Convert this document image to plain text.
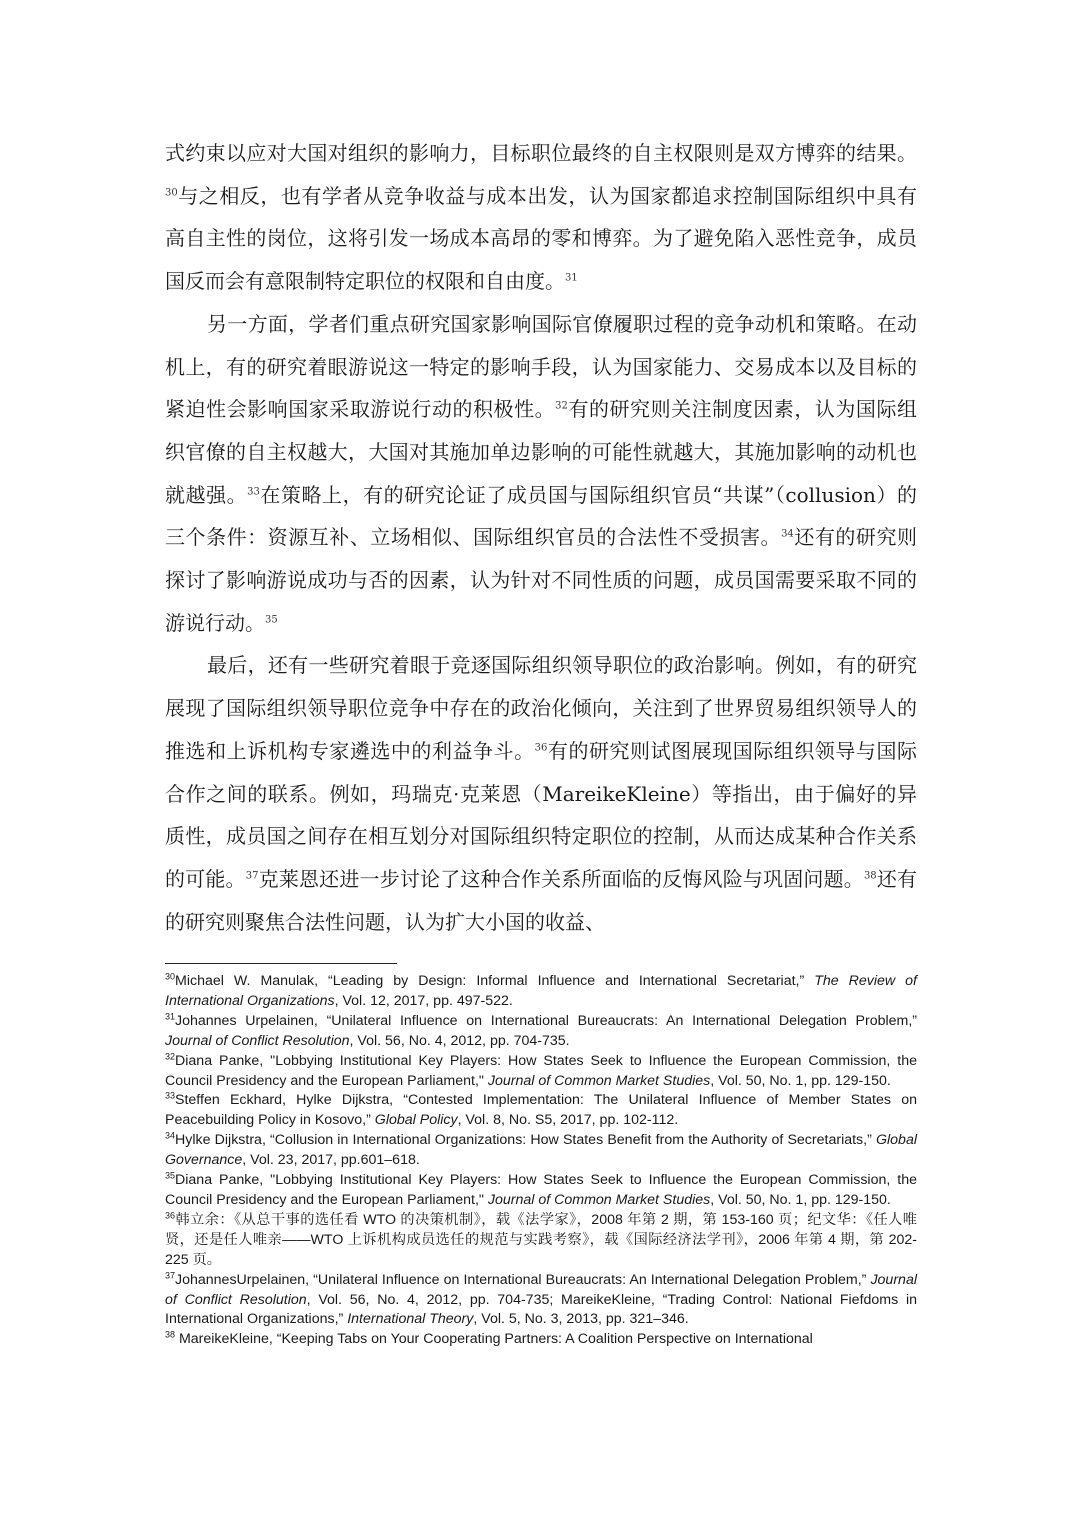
式约束以应对大国对组织的影响力，目标职位最终的自主权限则是双方博弈的结果。$^{30}$与之相反，也有学者从竞争收益与成本出发，认为国家都追求控制国际组织中具有高自主性的岗位，这将引发一场成本高昂的零和博弈。为了避免陷入恶性竞争，成员国反而会有意限制特定职位的权限和自由度。$^{31}$

另一方面，学者们重点研究国家影响国际官僚履职过程的竞争动机和策略。在动机上，有的研究着眼游说这一特定的影响手段，认为国家能力、交易成本以及目标的紧迫性会影响国家采取游说行动的积极性。$^{32}$有的研究则关注制度因素，认为国际组织官僚的自主权越大，大国对其施加单边影响的可能性就越大，其施加影响的动机也就越强。$^{33}$在策略上，有的研究论证了成员国与国际组织官员“共谋”（collusion）的三个条件：资源互补、立场相似、国际组织官员的合法性不受损害。$^{34}$还有的研究则探讨了影响游说成功与否的因素，认为针对不同性质的问题，成员国需要采取不同的游说行动。$^{35}$

最后，还有一些研究着眼于竞逐国际组织领导职位的政治影响。例如，有的研究展现了国际组织领导职位竞争中存在的政治化倾向，关注到了世界贸易组织领导人的推选和上诉机构专家遴选中的利益争斗。$^{36}$有的研究则试图展现国际组织领导与国际合作之间的联系。例如，玛瑞克·克莱恩（MareikeKleine）等指出，由于偏好的异质性，成员国之间存在相互划分对国际组织特定职位的控制，从而达成某种合作关系的可能。$^{37}$克莱恩还进一步讨论了这种合作关系所面临的反悔风险与巩固问题。$^{38}$还有的研究则聚焦合法性问题，认为扩大小国的收益、

$^{30}$Michael W. Manulak, “Leading by Design: Informal Influence and International Secretariat,” The Review of International Organizations, Vol. 12, 2017, pp. 497-522.

$^{31}$Johannes Urpelainen, “Unilateral Influence on International Bureaucrats: An International Delegation Problem,” Journal of Conflict Resolution, Vol. 56, No. 4, 2012, pp. 704-735.

$^{32}$Diana Panke, "Lobbying Institutional Key Players: How States Seek to Influence the European Commission, the Council Presidency and the European Parliament," Journal of Common Market Studies, Vol. 50, No. 1, pp. 129-150.

$^{33}$Steffen Eckhard, Hylke Dijkstra, “Contested Implementation: The Unilateral Influence of Member States on Peacebuilding Policy in Kosovo,” Global Policy, Vol. 8, No. S5, 2017, pp. 102-112.

$^{34}$Hylke Dijkstra, “Collusion in International Organizations: How States Benefit from the Authority of Secretariats,” Global Governance, Vol. 23, 2017, pp.601–618.

$^{35}$Diana Panke, "Lobbying Institutional Key Players: How States Seek to Influence the European Commission, the Council Presidency and the European Parliament," Journal of Common Market Studies, Vol. 50, No. 1, pp. 129-150.

$^{36}$韩立余：《从总干事的选任看 WTO 的决策机制》，载《法学家》，2008 年第 2 期，第 153-160 页；纪文华：《任人唯贤，还是任人唯亲——WTO 上诉机构成员选任的规范与实践考察》，载《国际经济法学刊》，2006 年第 4 期，第 202-225 页。

$^{37}$JohannesUrpelainen, “Unilateral Influence on International Bureaucrats: An International Delegation Problem,” Journal of Conflict Resolution, Vol. 56, No. 4, 2012, pp. 704-735; MareikeKleine, “Trading Control: National Fiefdoms in International Organizations,” International Theory, Vol. 5, No. 3, 2013, pp. 321–346.

$^{38}$ MareikeKleine, “Keeping Tabs on Your Cooperating Partners: A Coalition Perspective on International
